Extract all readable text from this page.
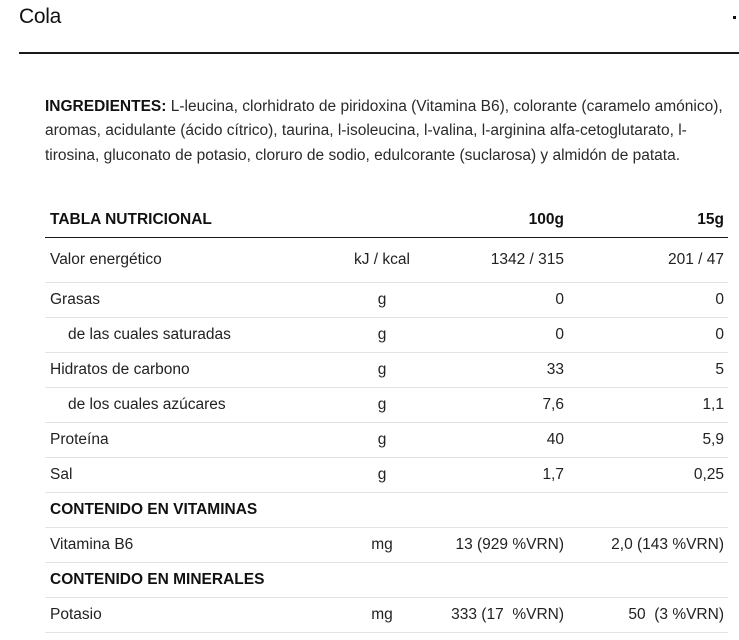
Cola
INGREDIENTES: L-leucina, clorhidrato de piridoxina (Vitamina B6), colorante (caramelo amónico), aromas, acidulante (ácido cítrico), taurina, l-isoleucina, l-valina, l-arginina alfa-cetoglutarato, l-tirosina, gluconato de potasio, cloruro de sodio, edulcorante (suclarosa) y almidón de patata.
TABLA NUTRICIONAL		100g	15g
Valor energético	kJ / kcal	1342 / 315	201 / 47
Grasas	g	0	0
de las cuales saturadas	g	0	0
Hidratos de carbono	g	33	5
de los cuales azúcares	g	7,6	1,1
Proteína	g	40	5,9
Sal	g	1,7	0,25
CONTENIDO EN VITAMINAS			
Vitamina B6	mg	13 (929 %VRN)	2,0 (143 %VRN)
CONTENIDO EN MINERALES			
Potasio	mg	333 (17  %VRN)	50  (3 %VRN)
